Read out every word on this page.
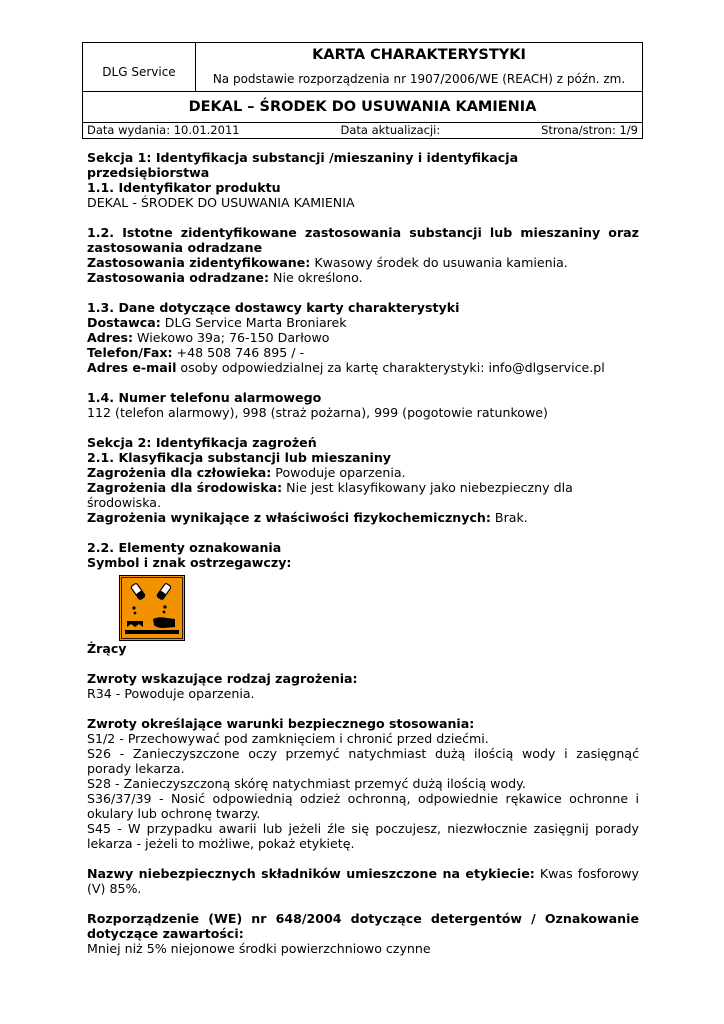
DLG Service	KARTA CHARAKTERYSTYKI
Na podstawie rozporządzenia nr 1907/2006/WE (REACH) z późn. zm.
DEKAL – ŚRODEK DO USUWANIA KAMIENIA

Data wydania: 10.01.2011	Data aktualizacji:	Strona/stron: 1/9

Sekcja 1: Identyfikacja substancji /mieszaniny i identyfikacja przedsiębiorstwa

1.1. Identyfikator produktu

DEKAL - ŚRODEK DO USUWANIA KAMIENIA

1.2. Istotne zidentyfikowane zastosowania substancji lub mieszaniny oraz zastosowania odradzane

Zastosowania zidentyfikowane: Kwasowy środek do usuwania kamienia.

Zastosowania odradzane: Nie określono.

1.3. Dane dotyczące dostawcy karty charakterystyki

Dostawca: DLG Service Marta Broniarek

Adres: Wiekowo 39a; 76-150 Darłowo

Telefon/Fax: +48 508 746 895 / -

Adres e-mail osoby odpowiedzialnej za kartę charakterystyki: info@dlgservice.pl

1.4. Numer telefonu alarmowego

112 (telefon alarmowy), 998 (straż pożarna), 999 (pogotowie ratunkowe)

Sekcja 2: Identyfikacja zagrożeń

2.1. Klasyfikacja substancji lub mieszaniny

Zagrożenia dla człowieka: Powoduje oparzenia.

Zagrożenia dla środowiska: Nie jest klasyfikowany jako niebezpieczny dla środowiska.

Zagrożenia wynikające z właściwości fizykochemicznych: Brak.

2.2. Elementy oznakowania

Symbol i znak ostrzegawczy:

Żrący

Zwroty wskazujące rodzaj zagrożenia:

R34 - Powoduje oparzenia.

Zwroty określające warunki bezpiecznego stosowania:

S1/2 - Przechowywać pod zamknięciem i chronić przed dziećmi.

S26 - Zanieczyszczone oczy przemyć natychmiast dużą ilością wody i zasięgnąć porady lekarza.

S28 - Zanieczyszczoną skórę natychmiast przemyć dużą ilością wody.

S36/37/39 - Nosić odpowiednią odzież ochronną, odpowiednie rękawice ochronne i okulary lub ochronę twarzy.

S45 - W przypadku awarii lub jeżeli źle się poczujesz, niezwłocznie zasięgnij porady lekarza - jeżeli to możliwe, pokaż etykietę.

Nazwy niebezpiecznych składników umieszczone na etykiecie: Kwas fosforowy (V) 85%.

Rozporządzenie (WE) nr 648/2004 dotyczące detergentów / Oznakowanie dotyczące zawartości:

Mniej niż 5% niejonowe środki powierzchniowo czynne
